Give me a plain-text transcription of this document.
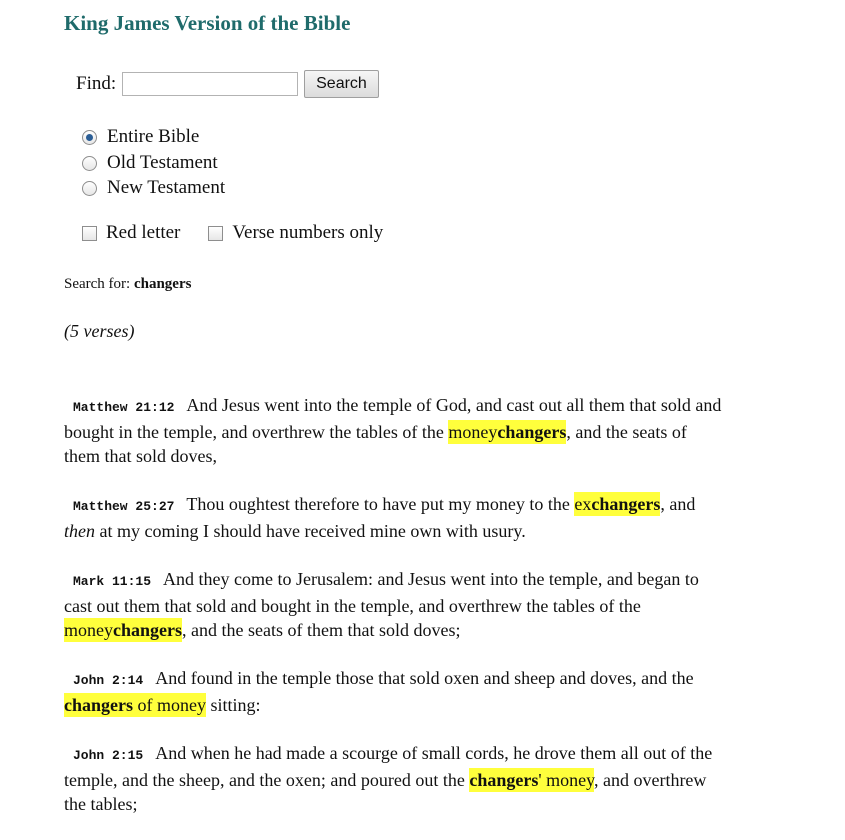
King James Version of the Bible
Find:	Search
Entire Bible
Old Testament
New Testament
Red letter	Verse numbers only
Search for: changers
(5 verses)

Matthew 21:12 And Jesus went into the temple of God, and cast out all them that sold and bought in the temple, and overthrew the tables of the moneychangers, and the seats of them that sold doves,

Matthew 25:27 Thou oughtest therefore to have put my money to the exchangers, and then at my coming I should have received mine own with usury.

Mark 11:15 And they come to Jerusalem: and Jesus went into the temple, and began to cast out them that sold and bought in the temple, and overthrew the tables of the moneychangers, and the seats of them that sold doves;

John 2:14 And found in the temple those that sold oxen and sheep and doves, and the changers of money sitting:

John 2:15 And when he had made a scourge of small cords, he drove them all out of the temple, and the sheep, and the oxen; and poured out the changers' money, and overthrew the tables;
